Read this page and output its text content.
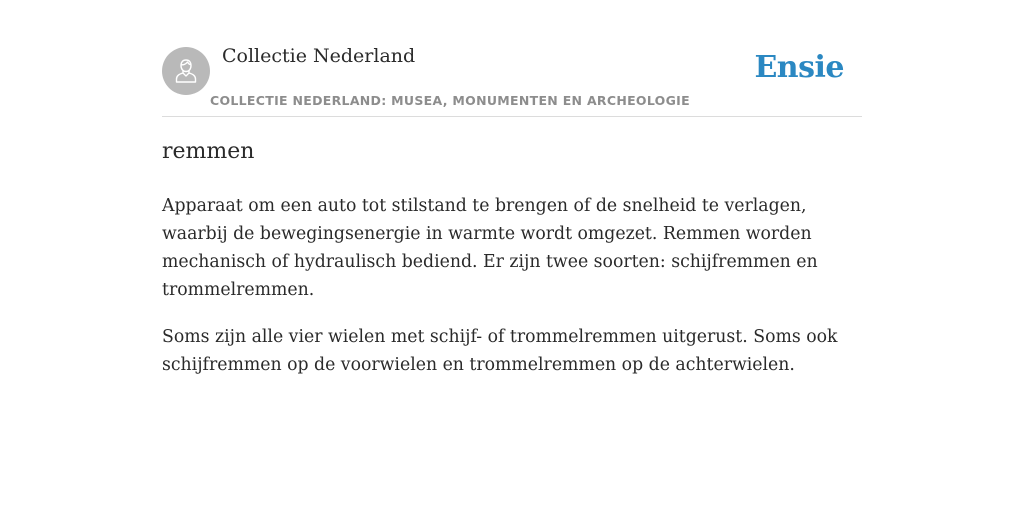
Collectie Nederland
COLLECTIE NEDERLAND: MUSEA, MONUMENTEN EN ARCHEOLOGIE
Ensie
remmen

Apparaat om een auto tot stilstand te brengen of de snelheid te verlagen, waarbij de bewegingsenergie in warmte wordt omgezet. Remmen worden mechanisch of hydraulisch bediend. Er zijn twee soorten: schijfremmen en trommelremmen.

Soms zijn alle vier wielen met schijf- of trommelremmen uitgerust. Soms ook schijfremmen op de voorwielen en trommelremmen op de achterwielen.
